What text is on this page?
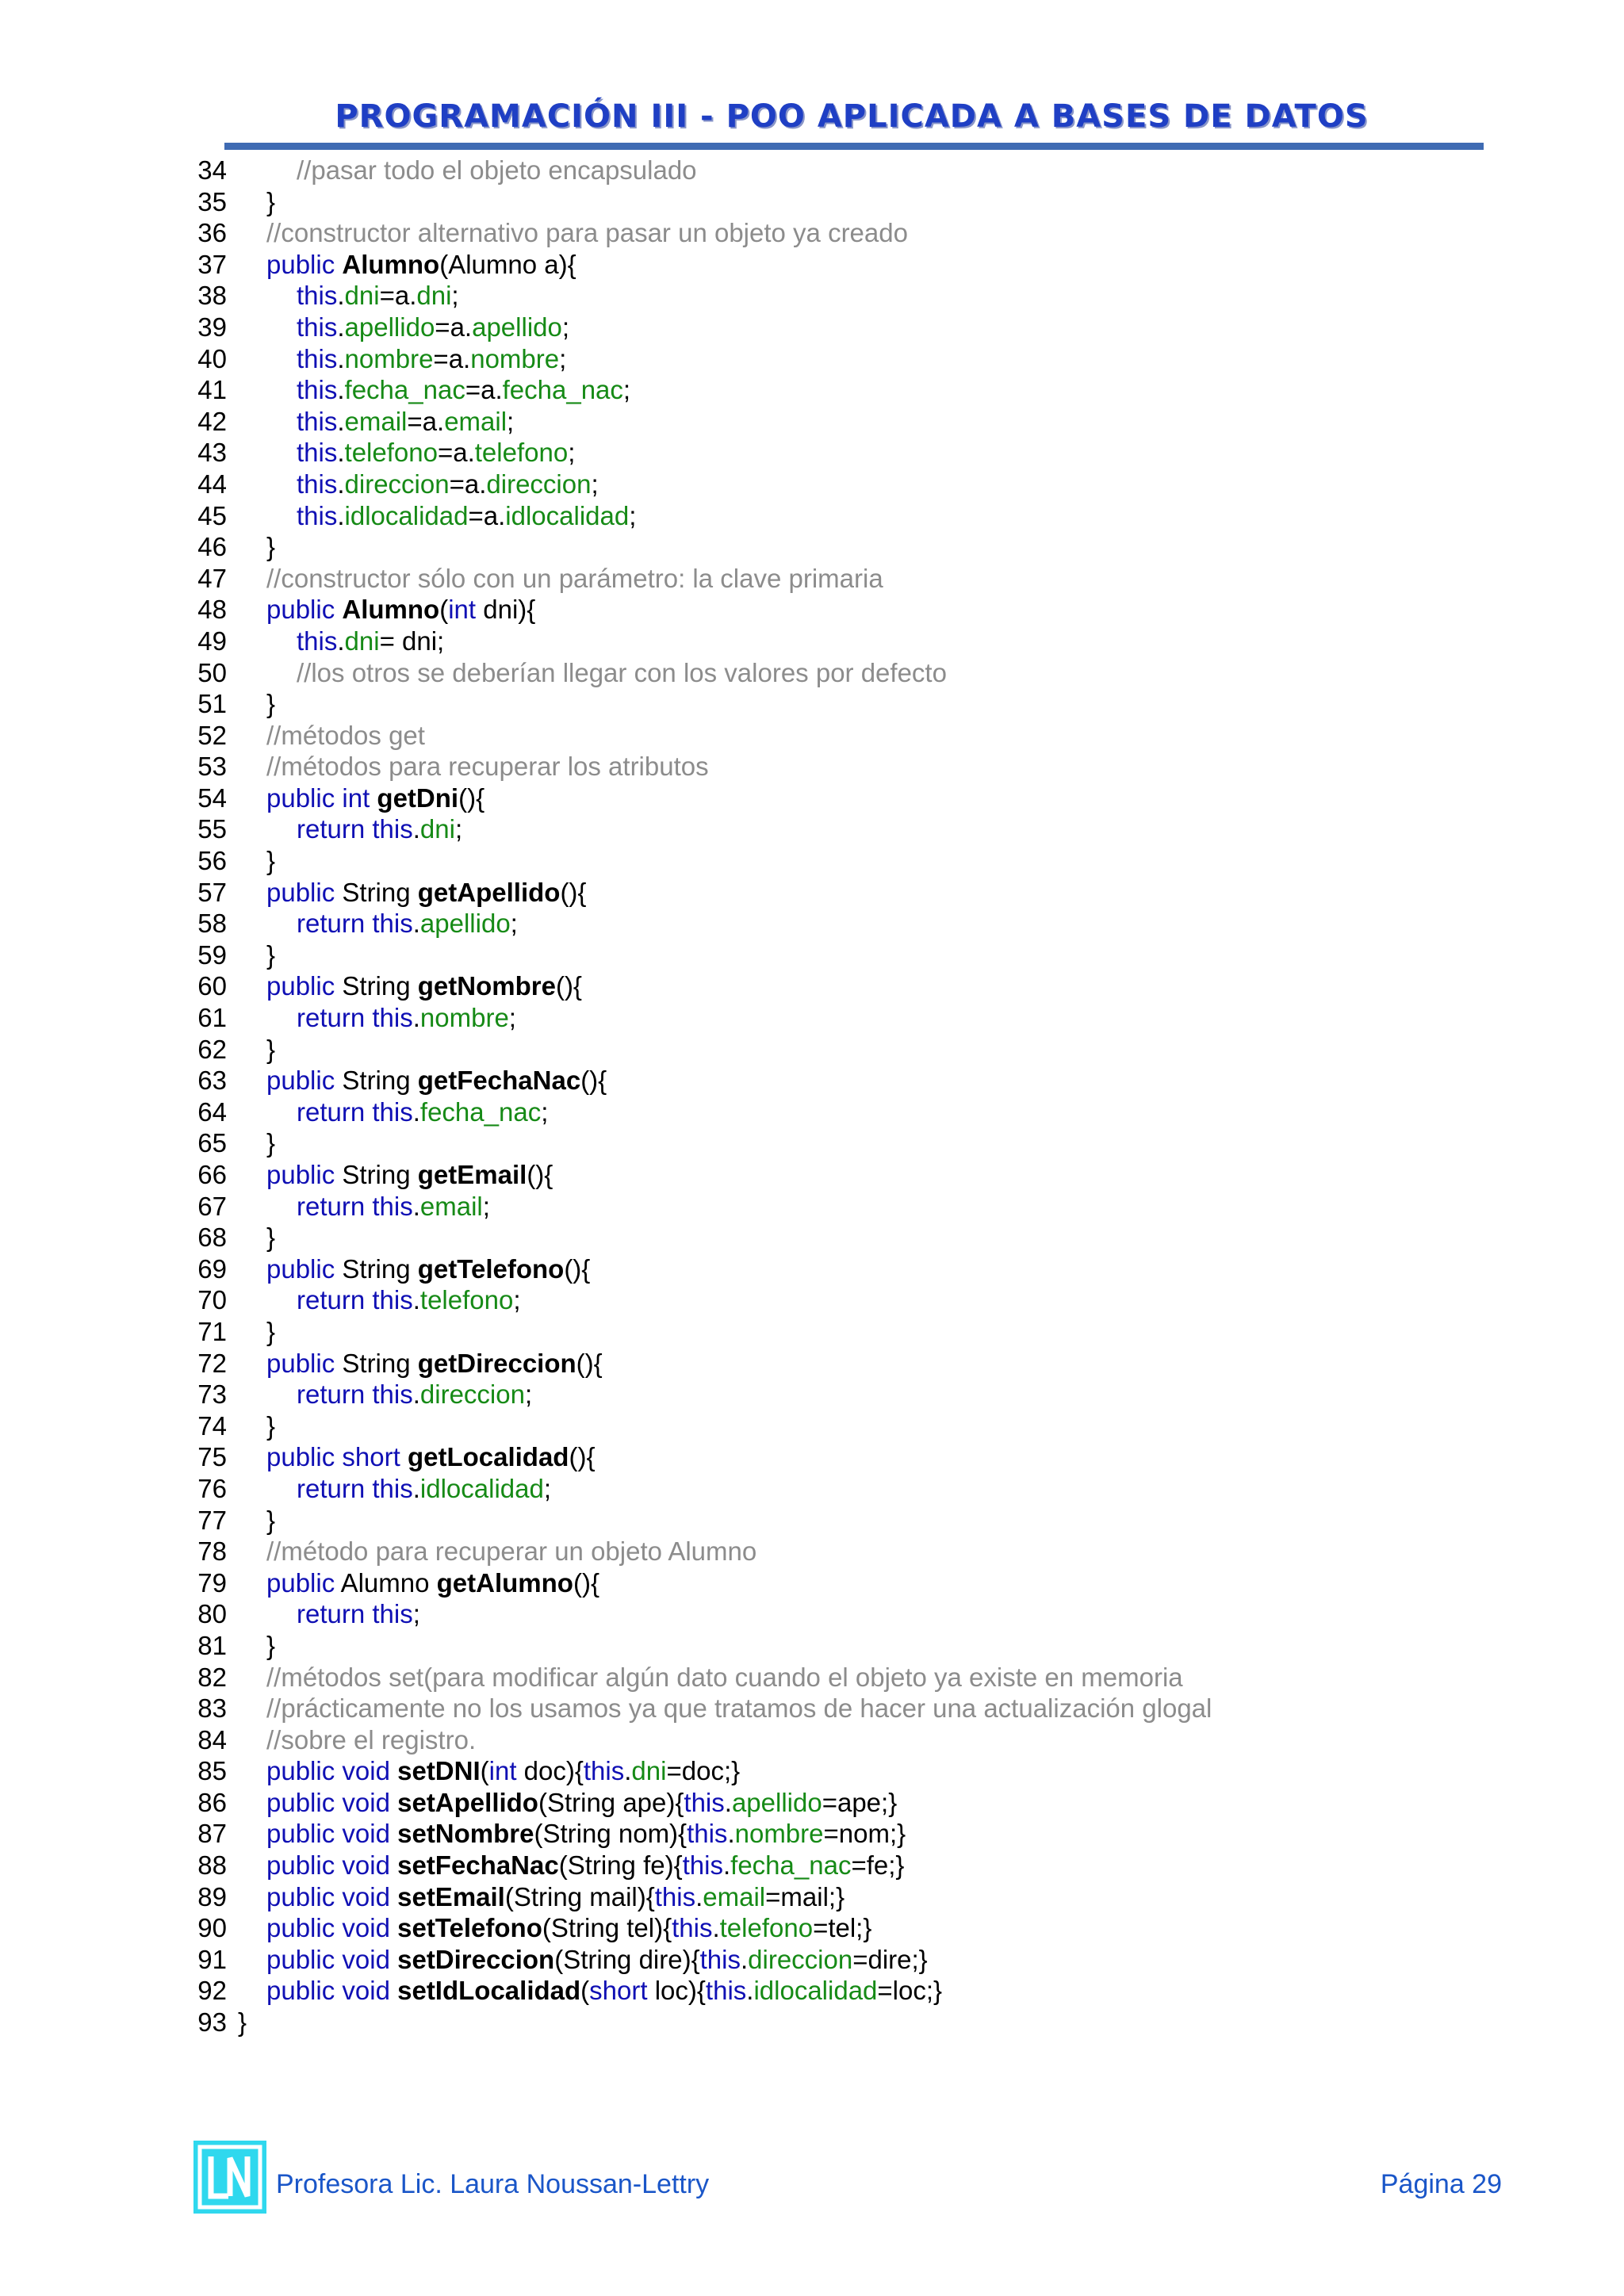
PROGRAMACIÓN III - POO APLICADA A BASES DE DATOS
34	//pasar todo el objeto encapsulado
35 }
36 //constructor alternativo para pasar un objeto ya creado
37 public Alumno(Alumno a){
38	this.dni=a.dni;
39	this.apellido=a.apellido;
40	this.nombre=a.nombre;
41	this.fecha_nac=a.fecha_nac;
42	this.email=a.email;
43	this.telefono=a.telefono;
44	this.direccion=a.direccion;
45	this.idlocalidad=a.idlocalidad;
46 }
47 //constructor sólo con un parámetro: la clave primaria
48 public Alumno(int dni){
49	this.dni= dni;
50	//los otros se deberían llegar con los valores por defecto
51 }
52 //métodos get
53 //métodos para recuperar los atributos
54 public int getDni(){
55	return this.dni;
56 }
57 public String getApellido(){
58	return this.apellido;
59 }
60 public String getNombre(){
61	return this.nombre;
62 }
63 public String getFechaNac(){
64	return this.fecha_nac;
65 }
66 public String getEmail(){
67	return this.email;
68 }
69 public String getTelefono(){
70	return this.telefono;
71 }
72 public String getDireccion(){
73	return this.direccion;
74 }
75 public short getLocalidad(){
76	return this.idlocalidad;
77 }
78 //método para recuperar un objeto Alumno
79 public Alumno getAlumno(){
80	return this;
81 }
82 //métodos set(para modificar algún dato cuando el objeto ya existe en memoria
83 //prácticamente no los usamos ya que tratamos de hacer una actualización glogal
84 //sobre el registro.
85 public void setDNI(int doc){this.dni=doc;}
86 public void setApellido(String ape){this.apellido=ape;}
87 public void setNombre(String nom){this.nombre=nom;}
88 public void setFechaNac(String fe){this.fecha_nac=fe;}
89 public void setEmail(String mail){this.email=mail;}
90 public void setTelefono(String tel){this.telefono=tel;}
91 public void setDireccion(String dire){this.direccion=dire;}
92 public void setIdLocalidad(short loc){this.idlocalidad=loc;}
93 }
Profesora Lic. Laura Noussan-Lettry	Página 29
